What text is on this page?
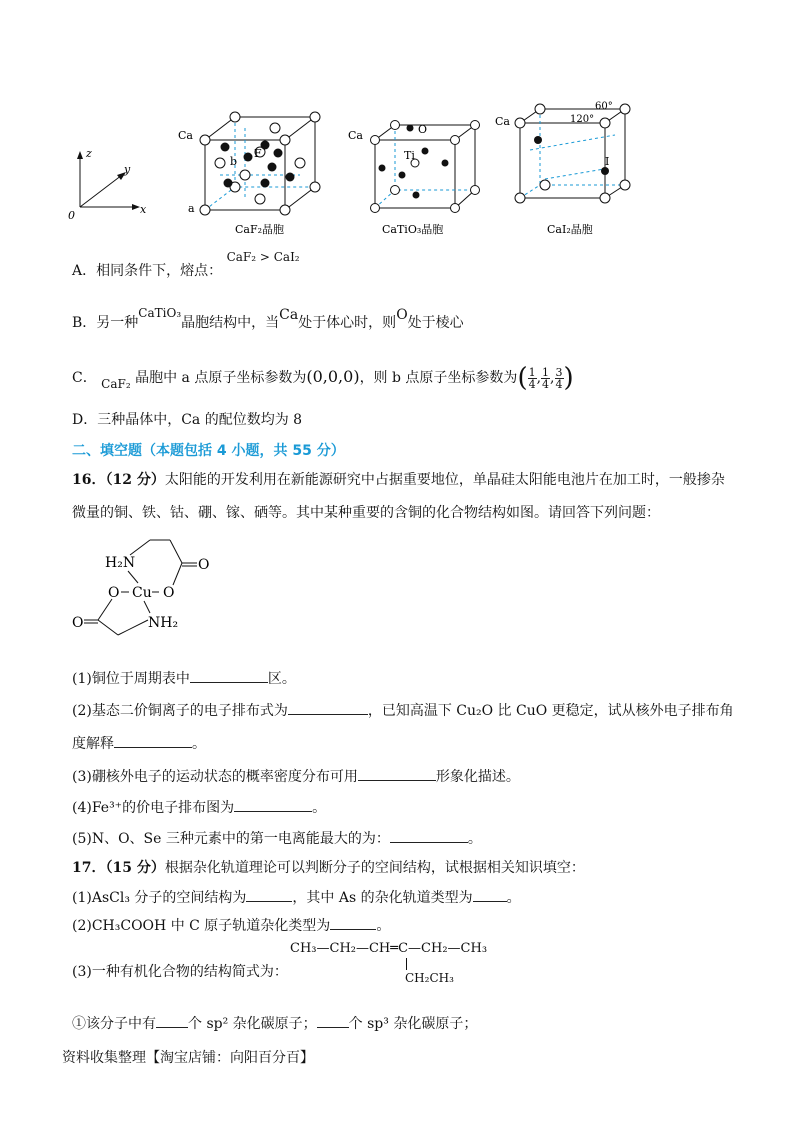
z
y
x
0
Ca
F
b
a
Ca	O
Ti
Ca
I
60°
120°
CaF₂晶胞	CaTiO₃晶胞	CaI₂晶胞
A．相同条件下，熔点： CaF₂ > CaI₂
B．另一种CaTiO₃晶胞结构中，当Ca处于体心时，则O处于棱心
C． CaF₂ 晶胞中 a 点原子坐标参数为(0,0,0)，则 b 点原子坐标参数为( $\frac{1}{4}$ , $\frac{1}{4}$ , $\frac{3}{4}$ )
D．三种晶体中，Ca 的配位数均为 8
二、填空题（本题包括 4 小题，共 55 分）
16．（12 分）太阳能的开发利用在新能源研究中占据重要地位，单晶硅太阳能电池片在加工时，一般掺杂
微量的铜、铁、钴、硼、镓、硒等。其中某种重要的含铜的化合物结构如图。请回答下列问题：
H₂N	O
O
Cu
O
O	NH₂
(1)铜位于周期表中	区。
(2)基态二价铜离子的电子排布式为	，已知高温下 Cu₂O 比 CuO 更稳定，试从核外电子排布角
度解释	。
(3)硼核外电子的运动状态的概率密度分布可用	形象化描述。
(4)Fe³⁺的价电子排布图为	。
(5)N、O、Se 三种元素中的第一电离能最大的为：	。
17．（15 分）根据杂化轨道理论可以判断分子的空间结构，试根据相关知识填空：
(1)AsCl₃ 分子的空间结构为	，其中 As 的杂化轨道类型为 。
(2)CH₃COOH 中 C 原子轨道杂化类型为	。
CH₃—CH₂—CH═C—CH₂—CH₃
CH₂CH₃
(3)一种有机化合物的结构简式为：
①该分子中有 个 sp² 杂化碳原子； 个 sp³ 杂化碳原子；
资料收集整理【淘宝店铺：向阳百分百】
